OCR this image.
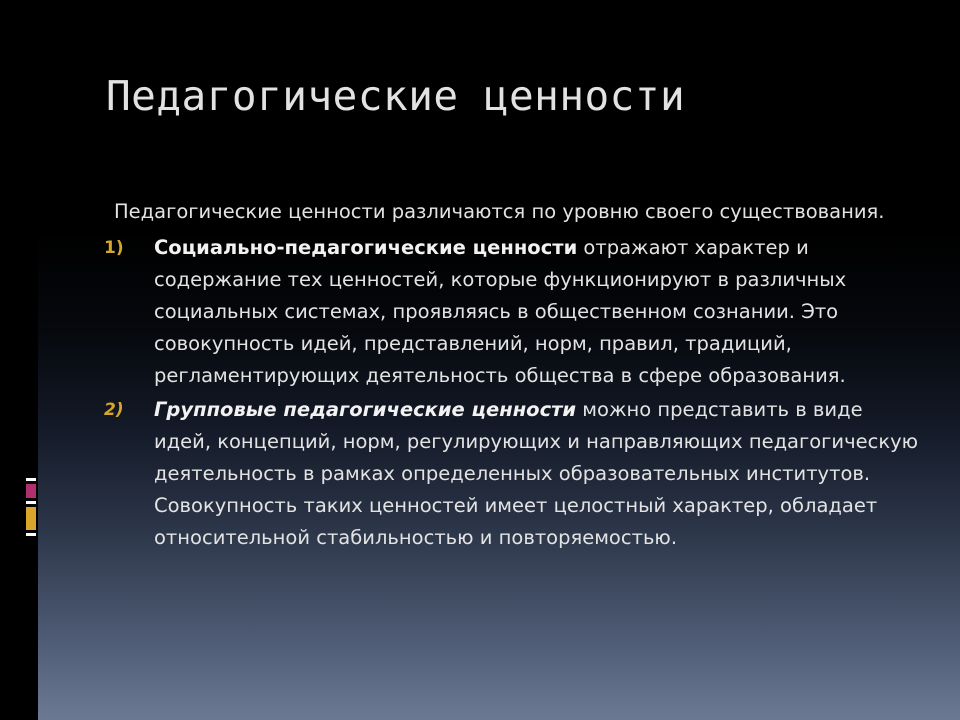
Педагогические ценности

Педагогические ценности различаются по уровню своего существования.

1)	Социально-педагогические ценности отражают характер и содержание тех ценностей, которые функционируют в различных социальных системах, проявляясь в общественном сознании. Это совокупность идей, представлений, норм, правил, традиций, регламентирующих деятельность общества в сфере образования.

2)	Групповые педагогические ценности можно представить в виде идей, концепций, норм, регулирующих и направляющих педагогическую деятельность в рамках определенных образовательных институтов. Совокупность таких ценностей имеет целостный характер, обладает относительной стабильностью и повторяемостью.
